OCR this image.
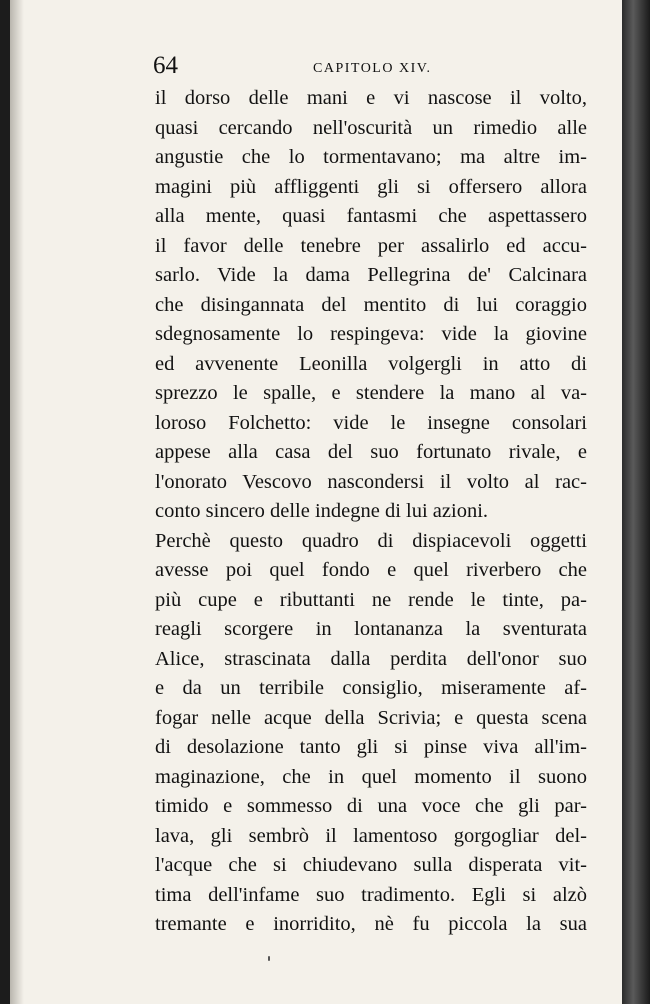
64	CAPITOLO XIV.
il dorso delle mani e vi nascose il volto,
quasi cercando nell'oscurità un rimedio alle
angustie che lo tormentavano; ma altre im-
magini più affliggenti gli si offersero allora
alla mente, quasi fantasmi che aspettassero
il favor delle tenebre per assalirlo ed accu-
sarlo. Vide la dama Pellegrina de' Calcinara
che disingannata del mentito di lui coraggio
sdegnosamente lo respingeva: vide la giovine
ed avvenente Leonilla volgergli in atto di
sprezzo le spalle, e stendere la mano al va-
loroso Folchetto: vide le insegne consolari
appese alla casa del suo fortunato rivale, e
l'onorato Vescovo nascondersi il volto al rac-
conto sincero delle indegne di lui azioni.
Perchè questo quadro di dispiacevoli oggetti
avesse poi quel fondo e quel riverbero che
più cupe e ributtanti ne rende le tinte, pa-
reagli scorgere in lontananza la sventurata
Alice, strascinata dalla perdita dell'onor suo
e da un terribile consiglio, miseramente af-
fogar nelle acque della Scrivia; e questa scena
di desolazione tanto gli si pinse viva all'im-
maginazione, che in quel momento il suono
timido e sommesso di una voce che gli par-
lava, gli sembrò il lamentoso gorgogliar del-
l'acque che si chiudevano sulla disperata vit-
tima dell'infame suo tradimento. Egli si alzò
tremante e inorridito, nè fu piccola la sua
